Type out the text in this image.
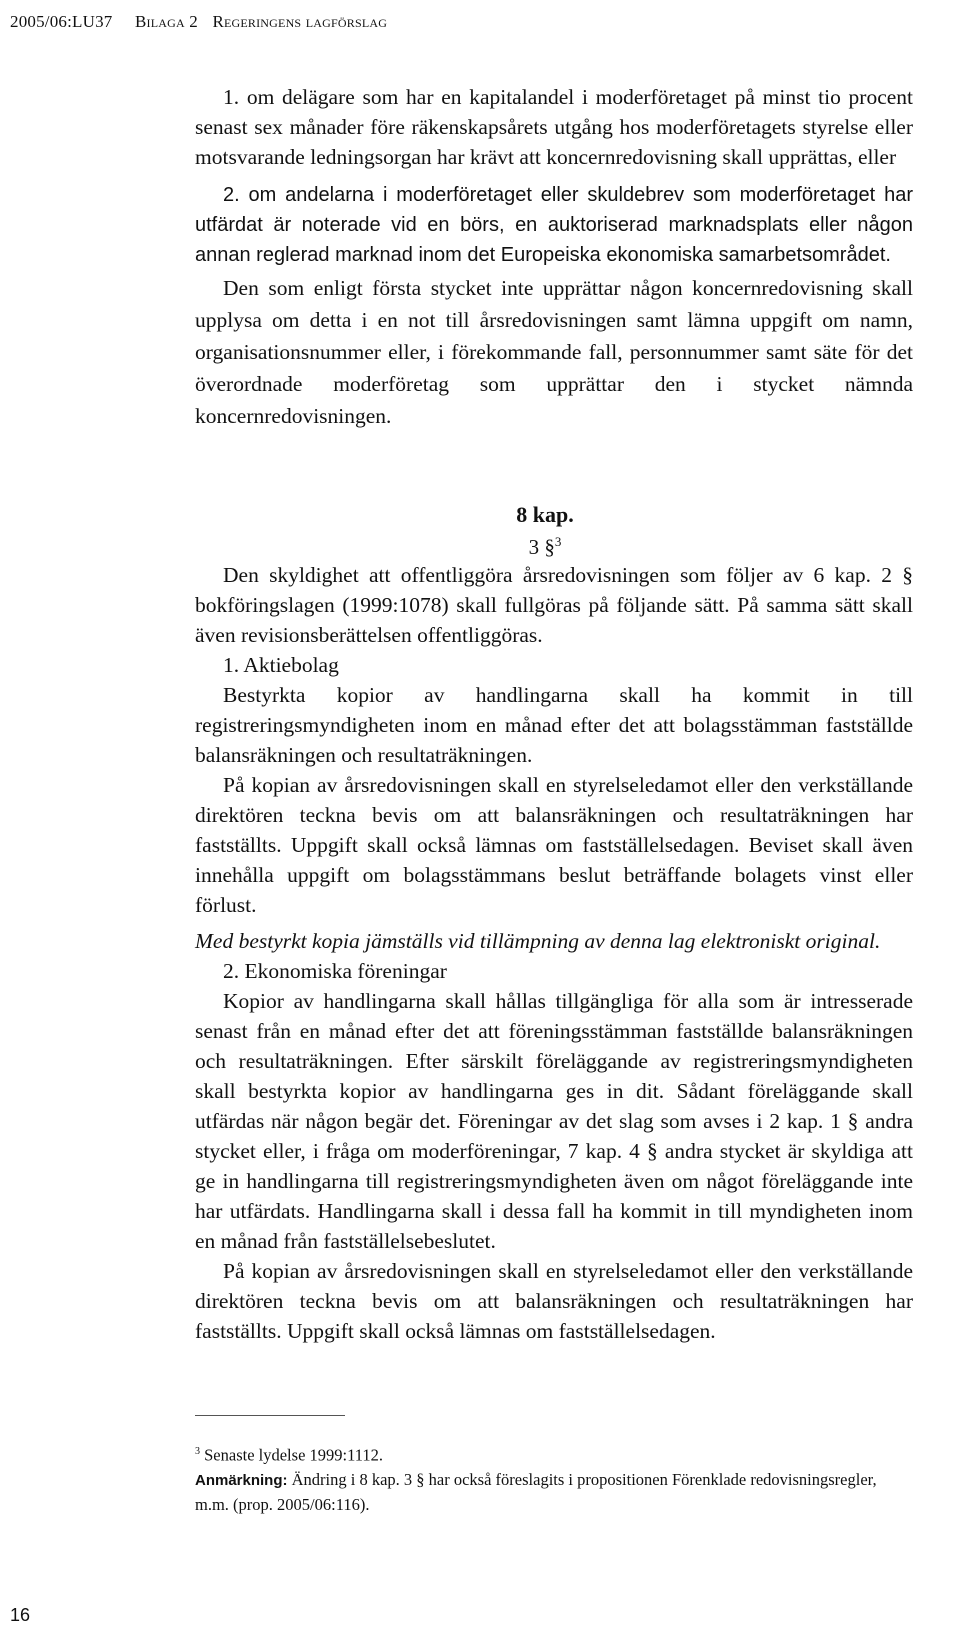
2005/06:LU37 Bilaga 2 Regeringens lagförslag

1. om delägare som har en kapitalandel i moderföretaget på minst tio procent senast sex månader före räkenskapsårets utgång hos moderföretagets styrelse eller motsvarande ledningsorgan har krävt att koncernredovisning skall upprättas, eller

2. om andelarna i moderföretaget eller skuldebrev som moderföretaget har utfärdat är noterade vid en börs, en auktoriserad marknadsplats eller någon annan reglerad marknad inom det Europeiska ekonomiska samarbetsområdet.

Den som enligt första stycket inte upprättar någon koncernredovisning skall upplysa om detta i en not till årsredovisningen samt lämna uppgift om namn, organisationsnummer eller, i förekommande fall, personnummer samt säte för det överordnade moderföretag som upprättar den i stycket nämnda koncernredovisningen.

8 kap.
3 §$^3$

Den skyldighet att offentliggöra årsredovisningen som följer av 6 kap. 2 § bokföringslagen (1999:1078) skall fullgöras på följande sätt. På samma sätt skall även revisionsberättelsen offentliggöras.

1. Aktiebolag

Bestyrkta kopior av handlingarna skall ha kommit in till registreringsmyndigheten inom en månad efter det att bolagsstämman fastställde balansräkningen och resultaträkningen.

På kopian av årsredovisningen skall en styrelseledamot eller den verkställande direktören teckna bevis om att balansräkningen och resultaträkningen har fastställts. Uppgift skall också lämnas om fastställelsedagen. Beviset skall även innehålla uppgift om bolagsstämmans beslut beträffande bolagets vinst eller förlust.

Med bestyrkt kopia jämställs vid tillämpning av denna lag elektroniskt original.

2. Ekonomiska föreningar

Kopior av handlingarna skall hållas tillgängliga för alla som är intresserade senast från en månad efter det att föreningsstämman fastställde balansräkningen och resultaträkningen. Efter särskilt föreläggande av registreringsmyndigheten skall bestyrkta kopior av handlingarna ges in dit. Sådant föreläggande skall utfärdas när någon begär det. Föreningar av det slag som avses i 2 kap. 1 § andra stycket eller, i fråga om moderföreningar, 7 kap. 4 § andra stycket är skyldiga att ge in handlingarna till registreringsmyndigheten även om något föreläggande inte har utfärdats. Handlingarna skall i dessa fall ha kommit in till myndigheten inom en månad från fastställelsebeslutet.

På kopian av årsredovisningen skall en styrelseledamot eller den verkställande direktören teckna bevis om att balansräkningen och resultaträkningen har fastställts. Uppgift skall också lämnas om fastställelsedagen.

$^3$ Senaste lydelse 1999:1112.

Anmärkning: Ändring i 8 kap. 3 § har också föreslagits i propositionen Förenklade redovisningsregler, m.m. (prop. 2005/06:116).

16
